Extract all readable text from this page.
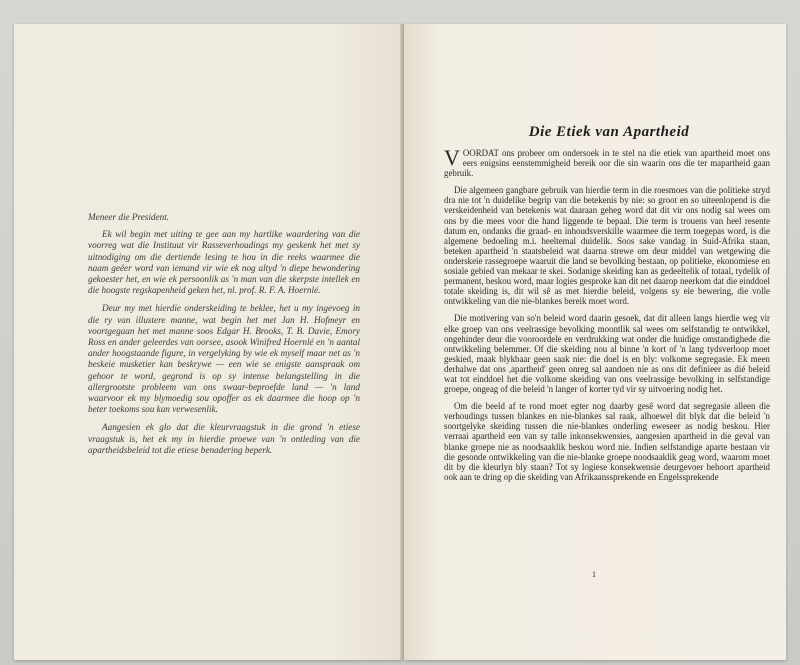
Meneer die President.

Ek wil begin met uiting te gee aan my hartlike waardering van die voorreg wat die Instituut vir Rasseverhoudings my geskenk het met sy uitnodiging om die dertiende lesing te hou in die reeks waarmee die naam geëer word van iemand vir wie ek nog altyd 'n diepe bewondering gekoester het, en wie ek persoonlik as 'n man van die skerpste intellek en die hoogste regskapenheid geken het, nl. prof. R. F. A. Hoernlé.

Deur my met hierdie onderskeiding te beklee, het u my ingevoeg in die ry van illustere manne, wat begin het met Jan H. Hofmeyr en voortgegaan het met manne soos Edgar H. Brooks, T. B. Davie, Emory Ross en ander geleerdes van oorsee, asook Winifred Hoernlé en 'n aantal ander hoogstaande figure, in vergelyking by wie ek myself maar net as 'n beskeie musketier kan beskrywe — een wie se enigste aanspraak om gehoor te word, gegrond is op sy intense belangstelling in die allergrootste probleem van ons swaar-beproefde land — 'n land waarvoor ek my blymoedig sou opoffer as ek daarmee die hoop op 'n beter toekoms sou kan verwesenlik.

Aangesien ek glo dat die kleurvraagstuk in die grond 'n etiese vraagstuk is, het ek my in hierdie proewe van 'n ontleding van die apartheidsbeleid tot die etiese benadering beperk.

Die Etiek van Apartheid

VOORDAT ons probeer om ondersoek in te stel na die etiek van apartheid moet ons eers enigsins eenstemmigheid bereik oor die sin waarin ons die ter mapartheid gaan gebruik.

Die algemeen gangbare gebruik van hierdie term in die roesmoes van die politieke stryd dra nie tot 'n duidelike begrip van die betekenis by nie: so groot en so uiteenlopend is die verskeidenheid van betekenis wat daaraan geheg word dat dit vir ons nodig sal wees om ons by die mees voor die hand liggende te bepaal. Die term is trouens van heel resente datum en, ondanks die graad- en inhoudsverskille waarmee die term toegepas word, is die algemene bedoeling m.i. heeltemal duidelik. Soos sake vandag in Suid-Afrika staan, beteken apartheid 'n staatsbeleid wat daarna strewe om deur middel van wetgewing die onderskeie rassegroepe waaruit die land se bevolking bestaan, op politieke, ekonomiese en sosiale gebied van mekaar te skei. Sodanige skeiding kan as gedeeltelik of totaal, tydelik of permanent, beskou word, maar logies gesproke kan dit net daarop neerkom dat die einddoel totale skeiding is, dit wil sê as met hierdie beleid, volgens sy eie bewering, die volle ontwikkeling van die nie-blankes bereik moet word.

Die motivering van so'n beleid word daarin gesoek, dat dit alleen langs hierdie weg vir elke groep van ons veelrassige bevolking moontlik sal wees om selfstandig te ontwikkel, ongehinder deur die vooroordele en verdrukking wat onder die huidige omstandighede die ontwikkeling belemmer. Of die skeiding nou al binne 'n kort of 'n lang tydsverloop moet geskied, maak blykbaar geen saak nie: die doel is en bly: volkome segregasie. Ek meen derhalwe dat ons ,apartheid' geen onreg sal aandoen nie as ons dit definieer as dié beleid wat tot einddoel het die volkome skeiding van ons veelrassige bevolking in selfstandige groepe, ongeag of die beleid 'n langer of korter tyd vir sy uitvoering nodig het.

Om die beeld af te rond moet egter nog daarby gesê word dat segregasie alleen die verhoudings tussen blankes en nie-blankes sal raak, alhoewel dit blyk dat die beleid 'n soortgelyke skeiding tussen die nie-blankes onderling eweseer as nodig beskou. Hier verraai apartheid een van sy talle inkonsekwensies, aangesien apartheid in die geval van blanke groepe nie as noodsaaklik beskou word nie. Indien selfstandige aparte bestaan vir die gesonde ontwikkeling van die nie-blanke groepe noodsaaklik geag word, waarom moet dit by die kleurlyn bly staan? Tot sy logiese konsekwensie deurgevoer behoort apartheid ook aan te dring op die skeiding van Afrikaanssprekende en Engelssprekende

1
